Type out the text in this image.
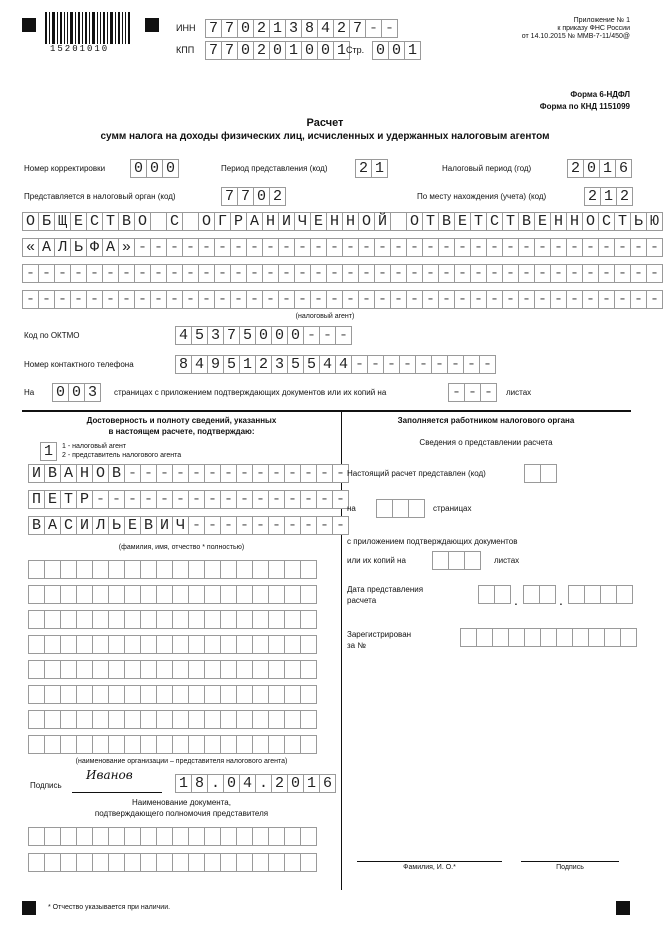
15201010
ИНН 7 7 0 2 1 3 8 4 2 7 - -
КПП 7 7 0 2 0 1 0 0 1 Стр. 0 0 1
Приложение № 1
к приказу ФНС России
от 14.10.2015 № ММВ-7-11/450@
Форма 6-НДФЛ
Форма по КНД 1151099
Расчет
сумм налога на доходы физических лиц, исчисленных и удержанных налоговым агентом
Номер корректировки 0 0 0	Период представления (код) 2 1	Налоговый период (год)	2 0 1 6
Представляется в налоговый орган (код)	7 7 0 2	По месту нахождения (учета) (код)	2 1 2
О Б Щ Е С Т В О С О Г Р А Н И Ч Е Н Н О Й О Т В Е Т С Т В Е Н Н О С Т Ь Ю
« А Л Ь Ф А » - - - - - - - - - - - - - - - - - - - - - - - - - - - - - - - - -
- - - - - - - - - - - - - - - - - - - - - - - - - - - - - - - - - - - - - - - -
- - - - - - - - - - - - - - - - - - - - - - - - - - - - - - - - - - - - - - - -
(налоговый агент)
Код по ОКТМО	4 5 3 7 5 0 0 0 - - -
Номер контактного телефона	8 4 9 5 1 2 3 5 5 4 4 - - - - - - - - -
На 0 0 3	страницах с приложением подтверждающих документов или их копий на	- - -	листах
Достоверность и полноту сведений, указанных
в настоящем расчете, подтверждаю:
1	1 - налоговый агент
2 - представитель налогового агента
И В А Н О В - - - - - - - - - - - - - -
П Е Т Р - - - - - - - - - - - - - - - -
В А С И Л Ь Е В И Ч - - - - - - - - - -
(фамилия, имя, отчество * полностью)
(наименование организации – представителя налогового агента)
Подпись
Иванов	1 8 . 0 4 . 2 0 1 6
Наименование документа,
подтверждающего полномочия представителя
Заполняется работником налогового органа
Сведения о представлении расчета
Настоящий расчет представлен (код)
на	страницах
с приложением подтверждающих документов
или их копий на	листах
Дата представления
расчета	.	.
Зарегистрирован
за №
Фамилия, И. О.*	Подпись
* Отчество указывается при наличии.
